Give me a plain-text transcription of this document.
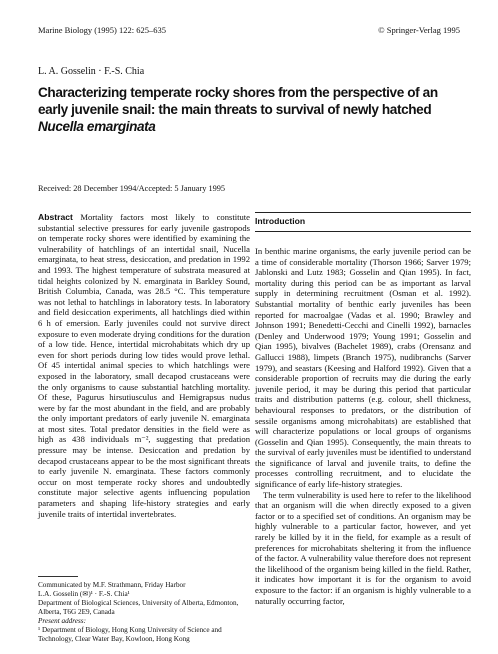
Marine Biology (1995) 122: 625–635	© Springer-Verlag 1995
L. A. Gosselin · F.-S. Chia
Characterizing temperate rocky shores from the perspective of an early juvenile snail: the main threats to survival of newly hatched Nucella emarginata
Received: 28 December 1994/Accepted: 5 January 1995

Abstract Mortality factors most likely to constitute substantial selective pressures for early juvenile gastropods on temperate rocky shores were identified by examining the vulnerability of hatchlings of an intertidal snail, Nucella emarginata, to heat stress, desiccation, and predation in 1992 and 1993. The highest temperature of substrata measured at tidal heights colonized by N. emarginata in Barkley Sound, British Columbia, Canada, was 28.5 °C. This temperature was not lethal to hatchlings in laboratory tests. In laboratory and field desiccation experiments, all hatchlings died within 6 h of emersion. Early juveniles could not survive direct exposure to even moderate drying conditions for the duration of a low tide. Hence, intertidal microhabitats which dry up even for short periods during low tides would prove lethal. Of 45 intertidal animal species to which hatchlings were exposed in the laboratory, small decapod crustaceans were the only organisms to cause substantial hatchling mortality. Of these, Pagurus hirsutiusculus and Hemigrapsus nudus were by far the most abundant in the field, and are probably the only important predators of early juvenile N. emarginata at most sites. Total predator densities in the field were as high as 438 individuals m⁻², suggesting that predation pressure may be intense. Desiccation and predation by decapod crustaceans appear to be the most significant threats to early juvenile N. emarginata. These factors commonly occur on most temperate rocky shores and undoubtedly constitute major selective agents influencing population parameters and shaping life-history strategies and early juvenile traits of intertidal invertebrates.

Communicated by M.F. Strathmann, Friday Harbor

L.A. Gosselin (✉)¹ · F.-S. Chia¹

Department of Biological Sciences, University of Alberta, Edmonton, Alberta, T6G 2E9, Canada

Present address:

¹ Department of Biology, Hong Kong University of Science and Technology, Clear Water Bay, Kowloon, Hong Kong

Introduction

In benthic marine organisms, the early juvenile period can be a time of considerable mortality (Thorson 1966; Sarver 1979; Jablonski and Lutz 1983; Gosselin and Qian 1995). In fact, mortality during this period can be as important as larval supply in determining recruitment (Osman et al. 1992). Substantial mortality of benthic early juveniles has been reported for macroalgae (Vadas et al. 1990; Brawley and Johnson 1991; Benedetti-Cecchi and Cinelli 1992), barnacles (Denley and Underwood 1979; Young 1991; Gosselin and Qian 1995), bivalves (Bachelet 1989), crabs (Orensanz and Gallucci 1988), limpets (Branch 1975), nudibranchs (Sarver 1979), and seastars (Keesing and Halford 1992). Given that a considerable proportion of recruits may die during the early juvenile period, it may be during this period that particular traits and distribution patterns (e.g. colour, shell thickness, behavioural responses to predators, or the distribution of sessile organisms among microhabitats) are established that will characterize populations or local groups of organisms (Gosselin and Qian 1995). Consequently, the main threats to the survival of early juveniles must be identified to understand the significance of larval and juvenile traits, to define the processes controlling recruitment, and to elucidate the significance of early life-history strategies.

The term vulnerability is used here to refer to the likelihood that an organism will die when directly exposed to a given factor or to a specified set of conditions. An organism may be highly vulnerable to a particular factor, however, and yet rarely be killed by it in the field, for example as a result of preferences for microhabitats sheltering it from the influence of the factor. A vulnerability value therefore does not represent the likelihood of the organism being killed in the field. Rather, it indicates how important it is for the organism to avoid exposure to the factor: if an organism is highly vulnerable to a naturally occurring factor,
